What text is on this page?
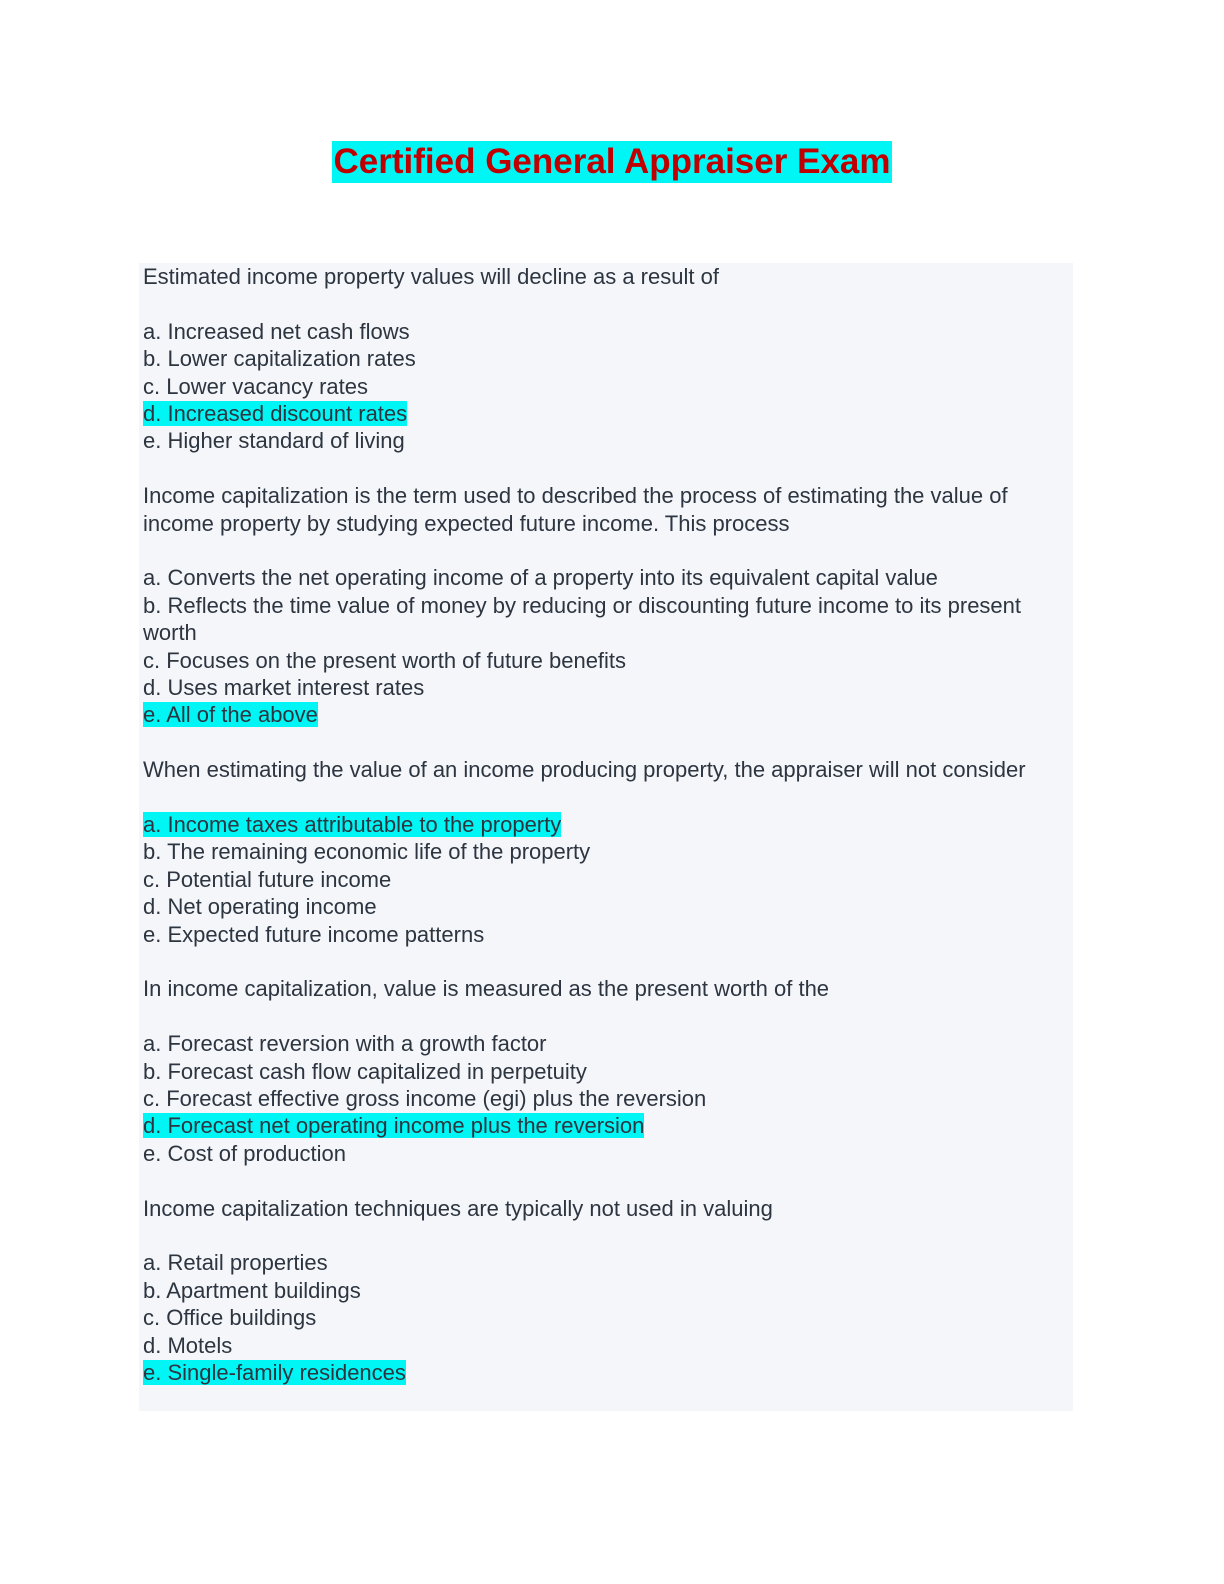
Certified General Appraiser Exam
Estimated income property values will decline as a result of
a. Increased net cash flows
b. Lower capitalization rates
c. Lower vacancy rates
d. Increased discount rates
e. Higher standard of living
Income capitalization is the term used to described the process of estimating the value of income property by studying expected future income. This process
a. Converts the net operating income of a property into its equivalent capital value
b. Reflects the time value of money by reducing or discounting future income to its present worth
c. Focuses on the present worth of future benefits
d. Uses market interest rates
e. All of the above
When estimating the value of an income producing property, the appraiser will not consider
a. Income taxes attributable to the property
b. The remaining economic life of the property
c. Potential future income
d. Net operating income
e. Expected future income patterns
In income capitalization, value is measured as the present worth of the
a. Forecast reversion with a growth factor
b. Forecast cash flow capitalized in perpetuity
c. Forecast effective gross income (egi) plus the reversion
d. Forecast net operating income plus the reversion
e. Cost of production
Income capitalization techniques are typically not used in valuing
a. Retail properties
b. Apartment buildings
c. Office buildings
d. Motels
e. Single-family residences
